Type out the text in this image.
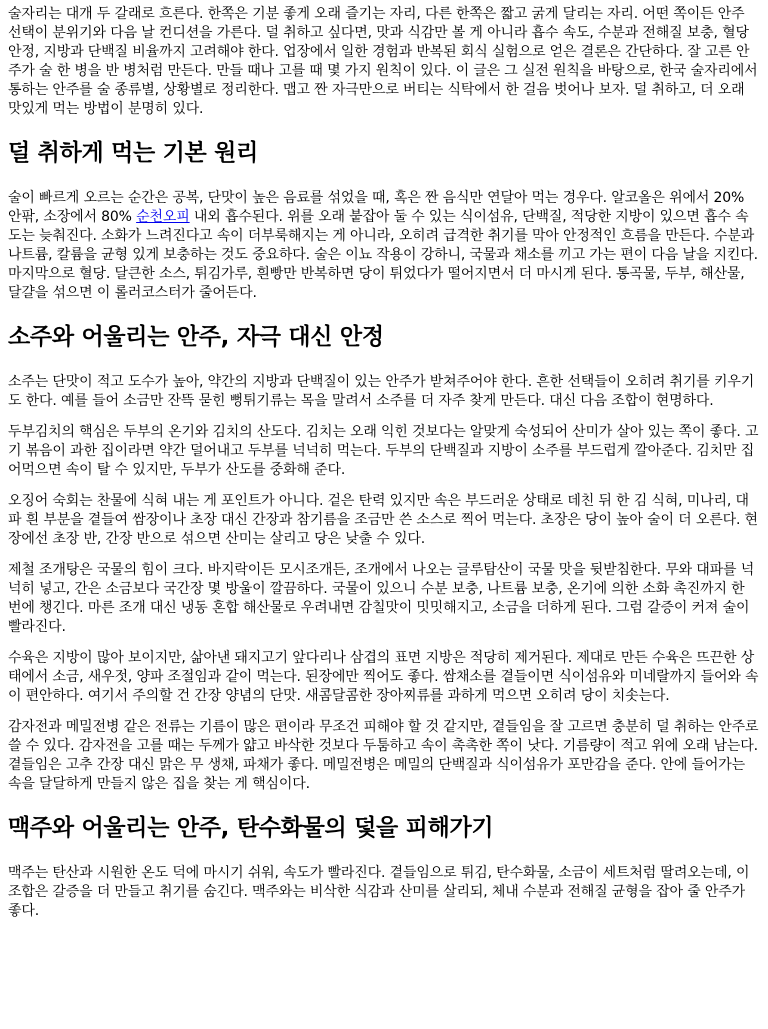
술자리는 대개 두 갈래로 흐른다. 한쪽은 기분 좋게 오래 즐기는 자리, 다른 한쪽은 짧고 굵게 달리는 자리. 어떤 쪽이든 안주 선택이 분위기와 다음 날 컨디션을 가른다. 덜 취하고 싶다면, 맛과 식감만 볼 게 아니라 흡수 속도, 수분과 전해질 보충, 혈당 안정, 지방과 단백질 비율까지 고려해야 한다. 업장에서 일한 경험과 반복된 회식 실험으로 얻은 결론은 간단하다. 잘 고른 안주가 술 한 병을 반 병처럼 만든다. 만들 때나 고를 때 몇 가지 원칙이 있다. 이 글은 그 실전 원칙을 바탕으로, 한국 술자리에서 통하는 안주를 술 종류별, 상황별로 정리한다. 맵고 짠 자극만으로 버티는 식탁에서 한 걸음 벗어나 보자. 덜 취하고, 더 오래 맛있게 먹는 방법이 분명히 있다.

덜 취하게 먹는 기본 원리

술이 빠르게 오르는 순간은 공복, 단맛이 높은 음료를 섞었을 때, 혹은 짠 음식만 연달아 먹는 경우다. 알코올은 위에서 20% 안팎, 소장에서 80% 순천오피 내외 흡수된다. 위를 오래 붙잡아 둘 수 있는 식이섬유, 단백질, 적당한 지방이 있으면 흡수 속도는 늦춰진다. 소화가 느려진다고 속이 더부룩해지는 게 아니라, 오히려 급격한 취기를 막아 안정적인 흐름을 만든다. 수분과 나트륨, 칼륨을 균형 있게 보충하는 것도 중요하다. 술은 이뇨 작용이 강하니, 국물과 채소를 끼고 가는 편이 다음 날을 지킨다. 마지막으로 혈당. 달큰한 소스, 튀김가루, 흰빵만 반복하면 당이 튀었다가 떨어지면서 더 마시게 된다. 통곡물, 두부, 해산물, 달걀을 섞으면 이 롤러코스터가 줄어든다.

소주와 어울리는 안주, 자극 대신 안정

소주는 단맛이 적고 도수가 높아, 약간의 지방과 단백질이 있는 안주가 받쳐주어야 한다. 흔한 선택들이 오히려 취기를 키우기도 한다. 예를 들어 소금만 잔뜩 묻힌 뻥튀기류는 목을 말려서 소주를 더 자주 찾게 만든다. 대신 다음 조합이 현명하다.

두부김치의 핵심은 두부의 온기와 김치의 산도다. 김치는 오래 익힌 것보다는 알맞게 숙성되어 산미가 살아 있는 쪽이 좋다. 고기 볶음이 과한 집이라면 약간 덜어내고 두부를 넉넉히 먹는다. 두부의 단백질과 지방이 소주를 부드럽게 깔아준다. 김치만 집어먹으면 속이 탈 수 있지만, 두부가 산도를 중화해 준다.

오징어 숙회는 찬물에 식혀 내는 게 포인트가 아니다. 겉은 탄력 있지만 속은 부드러운 상태로 데친 뒤 한 김 식혀, 미나리, 대파 흰 부분을 곁들여 쌈장이나 초장 대신 간장과 참기름을 조금만 쓴 소스로 찍어 먹는다. 초장은 당이 높아 술이 더 오른다. 현장에선 초장 반, 간장 반으로 섞으면 산미는 살리고 당은 낮출 수 있다.

제철 조개탕은 국물의 힘이 크다. 바지락이든 모시조개든, 조개에서 나오는 글루탐산이 국물 맛을 뒷받침한다. 무와 대파를 넉넉히 넣고, 간은 소금보다 국간장 몇 방울이 깔끔하다. 국물이 있으니 수분 보충, 나트륨 보충, 온기에 의한 소화 촉진까지 한 번에 챙긴다. 마른 조개 대신 냉동 혼합 해산물로 우려내면 감칠맛이 밋밋해지고, 소금을 더하게 된다. 그럼 갈증이 커져 술이 빨라진다.

수육은 지방이 많아 보이지만, 삶아낸 돼지고기 앞다리나 삼겹의 표면 지방은 적당히 제거된다. 제대로 만든 수육은 뜨끈한 상태에서 소금, 새우젓, 양파 조절임과 같이 먹는다. 된장에만 찍어도 좋다. 쌈채소를 곁들이면 식이섬유와 미네랄까지 들어와 속이 편안하다. 여기서 주의할 건 간장 양념의 단맛. 새콤달콤한 장아찌류를 과하게 먹으면 오히려 당이 치솟는다.

감자전과 메밀전병 같은 전류는 기름이 많은 편이라 무조건 피해야 할 것 같지만, 곁들임을 잘 고르면 충분히 덜 취하는 안주로 쓸 수 있다. 감자전을 고를 때는 두께가 얇고 바삭한 것보다 두툼하고 속이 촉촉한 쪽이 낫다. 기름량이 적고 위에 오래 남는다. 곁들임은 고추 간장 대신 맑은 무 생채, 파채가 좋다. 메밀전병은 메밀의 단백질과 식이섬유가 포만감을 준다. 안에 들어가는 속을 달달하게 만들지 않은 집을 찾는 게 핵심이다.

맥주와 어울리는 안주, 탄수화물의 덫을 피해가기

맥주는 탄산과 시원한 온도 덕에 마시기 쉬워, 속도가 빨라진다. 곁들임으로 튀김, 탄수화물, 소금이 세트처럼 딸려오는데, 이 조합은 갈증을 더 만들고 취기를 숨긴다. 맥주와는 비삭한 식감과 산미를 살리되, 체내 수분과 전해질 균형을 잡아 줄 안주가 좋다.
